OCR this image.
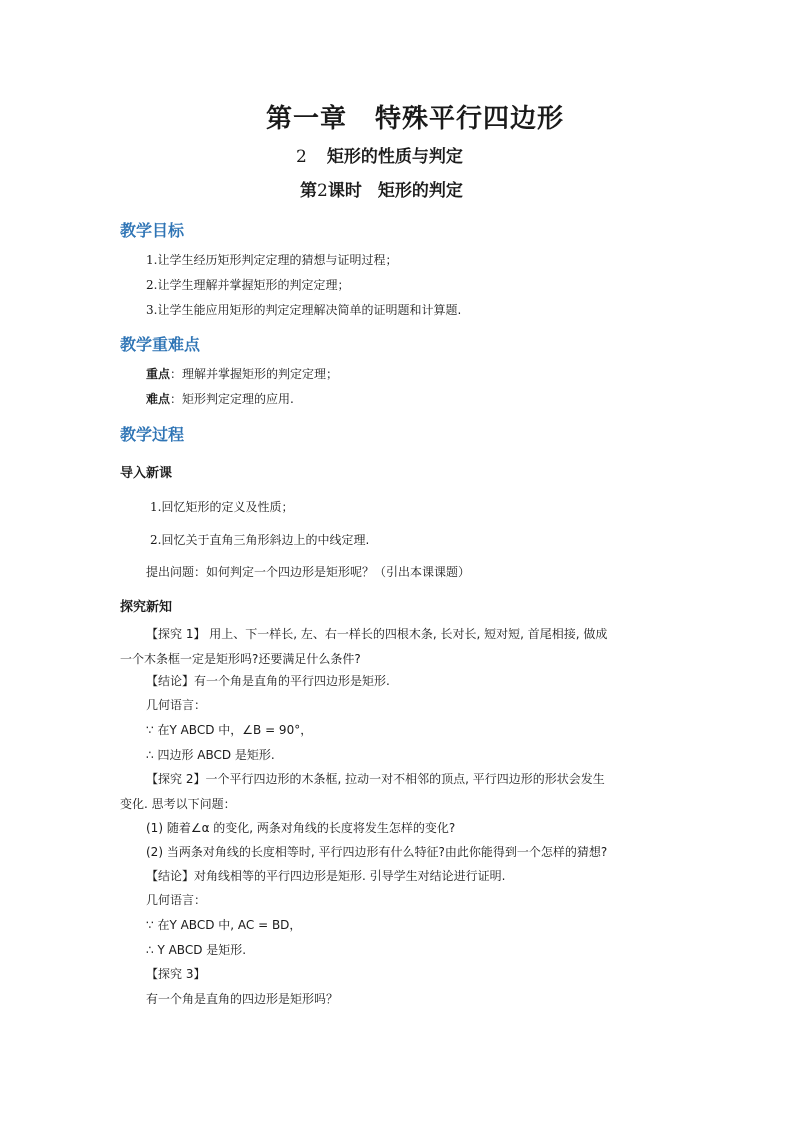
第一章 特殊平行四边形
2 矩形的性质与判定
第2课时 矩形的判定
教学目标
1.让学生经历矩形判定定理的猜想与证明过程；
2.让学生理解并掌握矩形的判定定理；
3.让学生能应用矩形的判定定理解决简单的证明题和计算题.
教学重难点
重点：理解并掌握矩形的判定定理；
难点：矩形判定定理的应用.
教学过程
导入新课
1.回忆矩形的定义及性质；
2.回忆关于直角三角形斜边上的中线定理.
提出问题：如何判定一个四边形是矩形呢？（引出本课课题）
探究新知
【探究 1】 用上、下一样长, 左、右一样长的四根木条, 长对长, 短对短, 首尾相接, 做成
一个木条框一定是矩形吗?还要满足什么条件?
【结论】有一个角是直角的平行四边形是矩形.
几何语言：
∵ 在Y ABCD 中，∠B = 90°，
∴ 四边形 ABCD 是矩形.
【探究 2】一个平行四边形的木条框, 拉动一对不相邻的顶点, 平行四边形的形状会发生
变化. 思考以下问题：
(1) 随着∠α 的变化, 两条对角线的长度将发生怎样的变化?
(2) 当两条对角线的长度相等时, 平行四边形有什么特征?由此你能得到一个怎样的猜想?
【结论】对角线相等的平行四边形是矩形. 引导学生对结论进行证明.
几何语言：
∵ 在Y ABCD 中, AC = BD，
∴ Y ABCD 是矩形.
【探究 3】
有一个角是直角的四边形是矩形吗？
